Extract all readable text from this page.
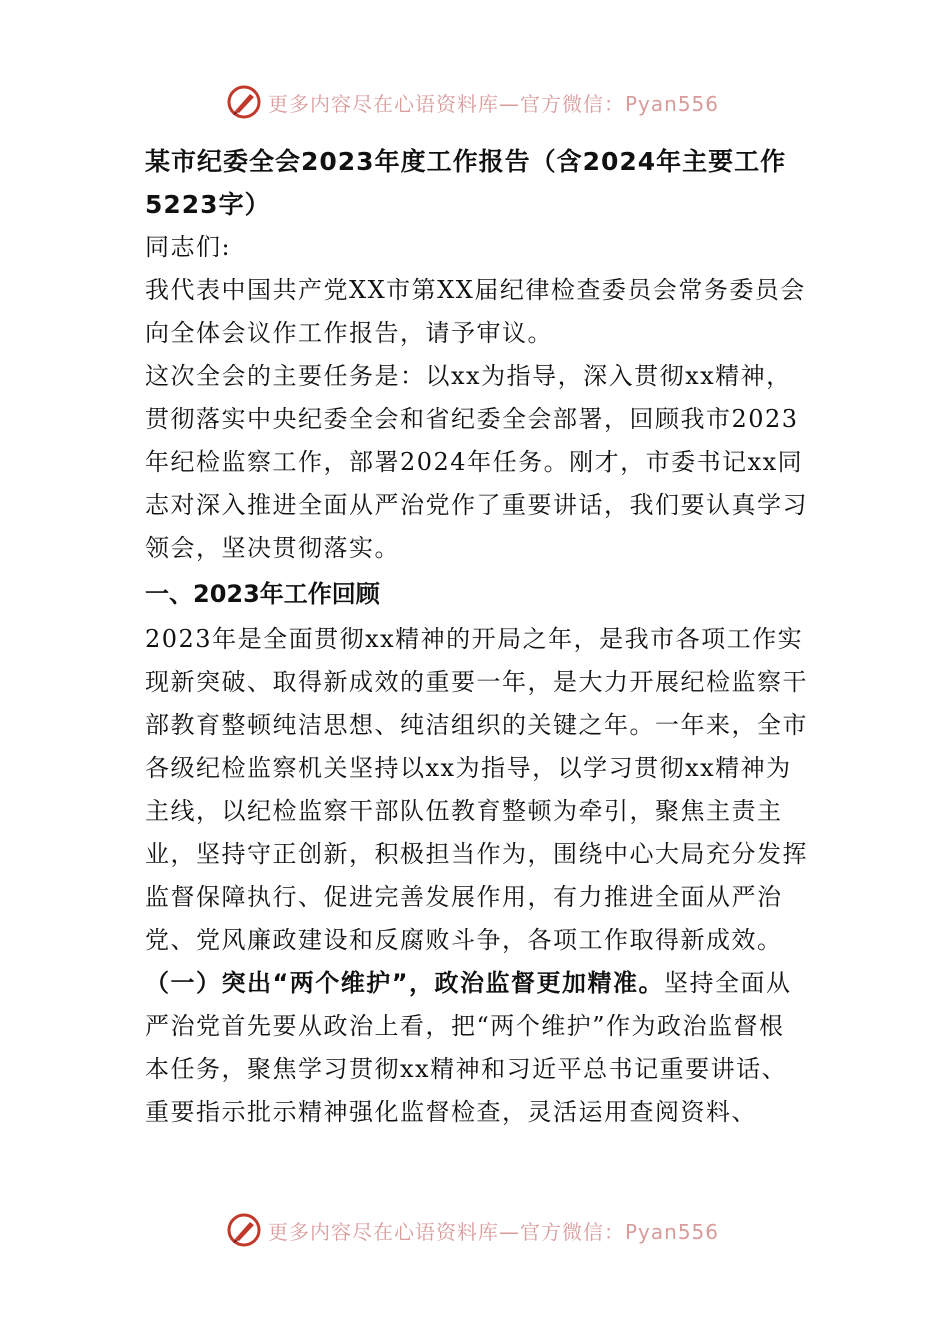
更多内容尽在心语资料库—官方微信：Pyan556

某市纪委全会2023年度工作报告（含2024年主要工作5223字）

同志们:

我代表中国共产党XX市第XX届纪律检查委员会常务委员会向全体会议作工作报告，请予审议。

这次全会的主要任务是：以xx为指导，深入贯彻xx精神，贯彻落实中央纪委全会和省纪委全会部署，回顾我市2023年纪检监察工作，部署2024年任务。刚才，市委书记xx同志对深入推进全面从严治党作了重要讲话，我们要认真学习领会，坚决贯彻落实。

一、2023年工作回顾

2023年是全面贯彻xx精神的开局之年，是我市各项工作实现新突破、取得新成效的重要一年，是大力开展纪检监察干部教育整顿纯洁思想、纯洁组织的关键之年。一年来，全市各级纪检监察机关坚持以xx为指导，以学习贯彻xx精神为主线，以纪检监察干部队伍教育整顿为牵引，聚焦主责主业，坚持守正创新，积极担当作为，围绕中心大局充分发挥监督保障执行、促进完善发展作用，有力推进全面从严治党、党风廉政建设和反腐败斗争，各项工作取得新成效。

（一）突出“两个维护”，政治监督更加精准。坚持全面从严治党首先要从政治上看，把“两个维护”作为政治监督根本任务，聚焦学习贯彻xx精神和习近平总书记重要讲话、重要指示批示精神强化监督检查，灵活运用查阅资料、

更多内容尽在心语资料库—官方微信：Pyan556
